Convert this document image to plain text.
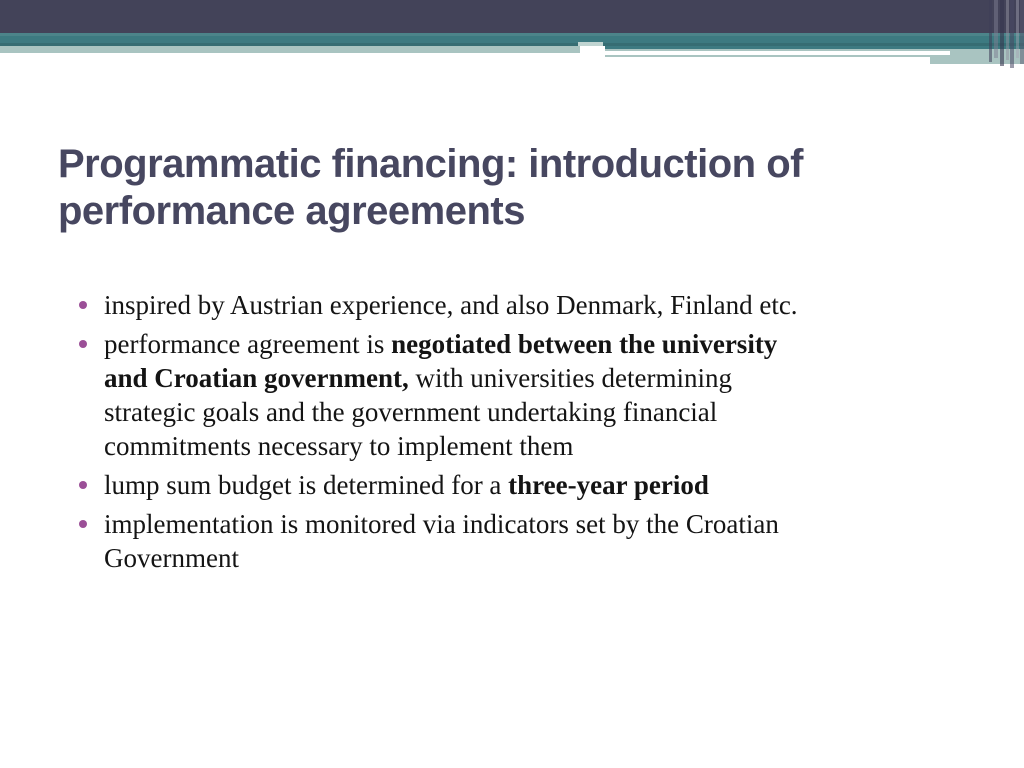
Programmatic financing: introduction of
performance agreements
inspired by Austrian experience, and also Denmark, Finland etc.
performance agreement is negotiated between the university
and Croatian government, with universities determining
strategic goals and the government undertaking financial
commitments necessary to implement them
lump sum budget is determined for a three-year period
implementation is monitored via indicators set by the Croatian
Government
